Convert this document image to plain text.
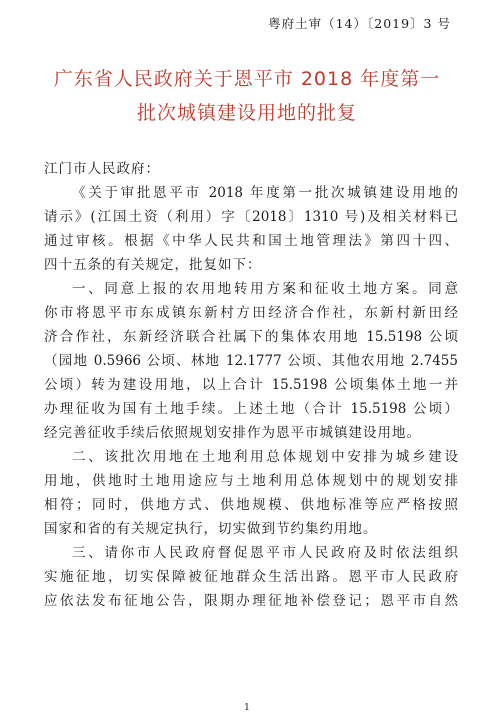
粤府土审（14）〔2019〕3 号
广东省人民政府关于恩平市 2018 年度第一
批次城镇建设用地的批复
江门市人民政府：
《关于审批恩平市 2018 年度第一批次城镇建设用地的
请示》(江国土资（利用）字〔2018〕1310 号)及相关材料已
通过审核。根据《中华人民共和国土地管理法》第四十四、
四十五条的有关规定，批复如下：
一、同意上报的农用地转用方案和征收土地方案。同意
你市将恩平市东成镇东新村方田经济合作社，东新村新田经
济合作社，东新经济联合社属下的集体农用地 15.5198 公顷
（园地 0.5966 公顷、林地 12.1777 公顷、其他农用地 2.7455
公顷）转为建设用地，以上合计 15.5198 公顷集体土地一并
办理征收为国有土地手续。上述土地（合计 15.5198 公顷）
经完善征收手续后依照规划安排作为恩平市城镇建设用地。
二、该批次用地在土地利用总体规划中安排为城乡建设
用地，供地时土地用途应与土地利用总体规划中的规划安排
相符；同时，供地方式、供地规模、供地标准等应严格按照
国家和省的有关规定执行，切实做到节约集约用地。
三、请你市人民政府督促恩平市人民政府及时依法组织
实施征地，切实保障被征地群众生活出路。恩平市人民政府
应依法发布征地公告，限期办理征地补偿登记；恩平市自然
1
